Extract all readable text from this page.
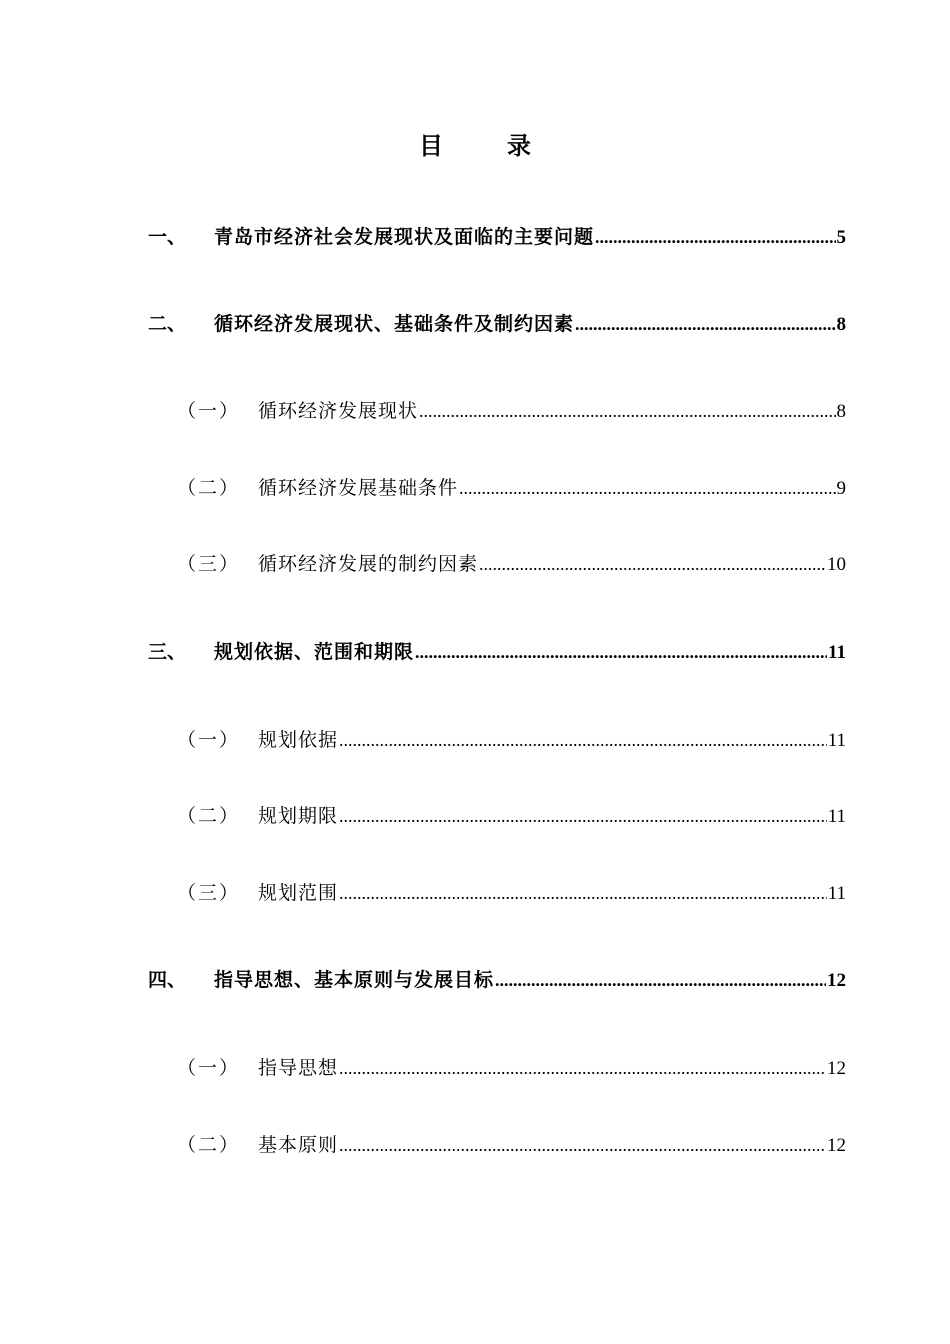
目	录
一、	青岛市经济社会发展现状及面临的主要问题 .....	5
二、	循环经济发展现状、基础条件及制约因素 .....	8
（一） 循环经济发展现状 .....	8
（二） 循环经济发展基础条件 .....	9
（三） 循环经济发展的制约因素 .....	10
三、	规划依据、范围和期限 .....	11
（一） 规划依据 .....	11
（二） 规划期限 .....	11
（三） 规划范围 .....	11
四、	指导思想、基本原则与发展目标 .....	12
（一） 指导思想 .....	12
（二） 基本原则 .....	12
